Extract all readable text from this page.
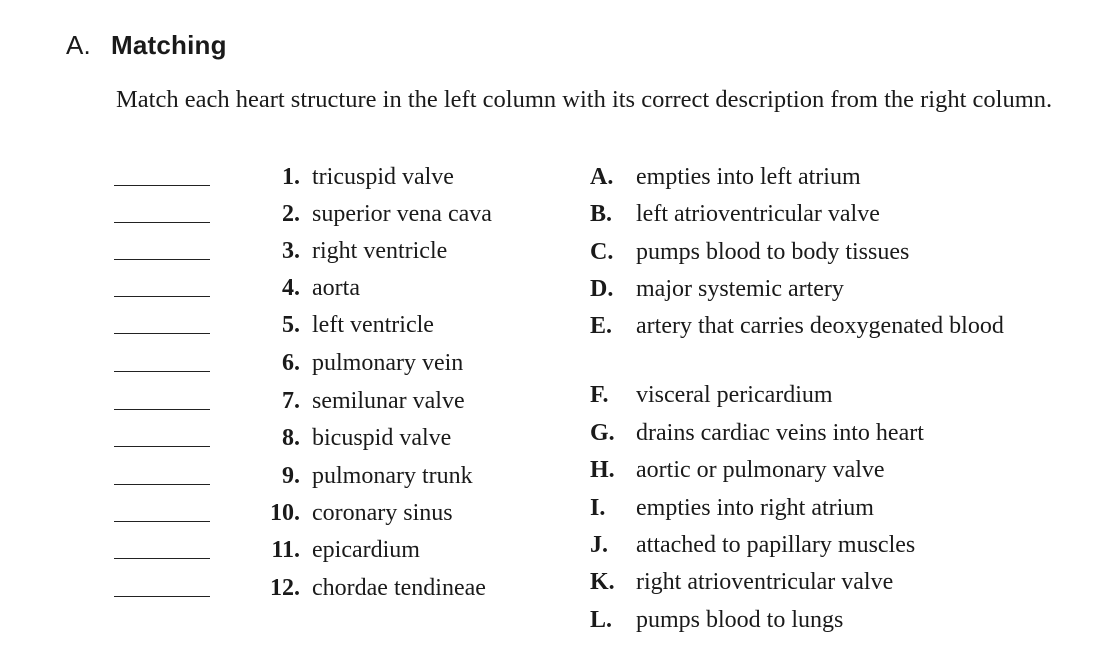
A. Matching
Match each heart structure in the left column with its correct description from the right column.
1. tricuspid valve
2. superior vena cava
3. right ventricle
4. aorta
5. left ventricle
6. pulmonary vein
7. semilunar valve
8. bicuspid valve
9. pulmonary trunk
10. coronary sinus
11. epicardium
12. chordae tendineae
A. empties into left atrium
B. left atrioventricular valve
C. pumps blood to body tissues
D. major systemic artery
E. artery that carries deoxygenated blood
F. visceral pericardium
G. drains cardiac veins into heart
H. aortic or pulmonary valve
I. empties into right atrium
J. attached to papillary muscles
K. right atrioventricular valve
L. pumps blood to lungs
